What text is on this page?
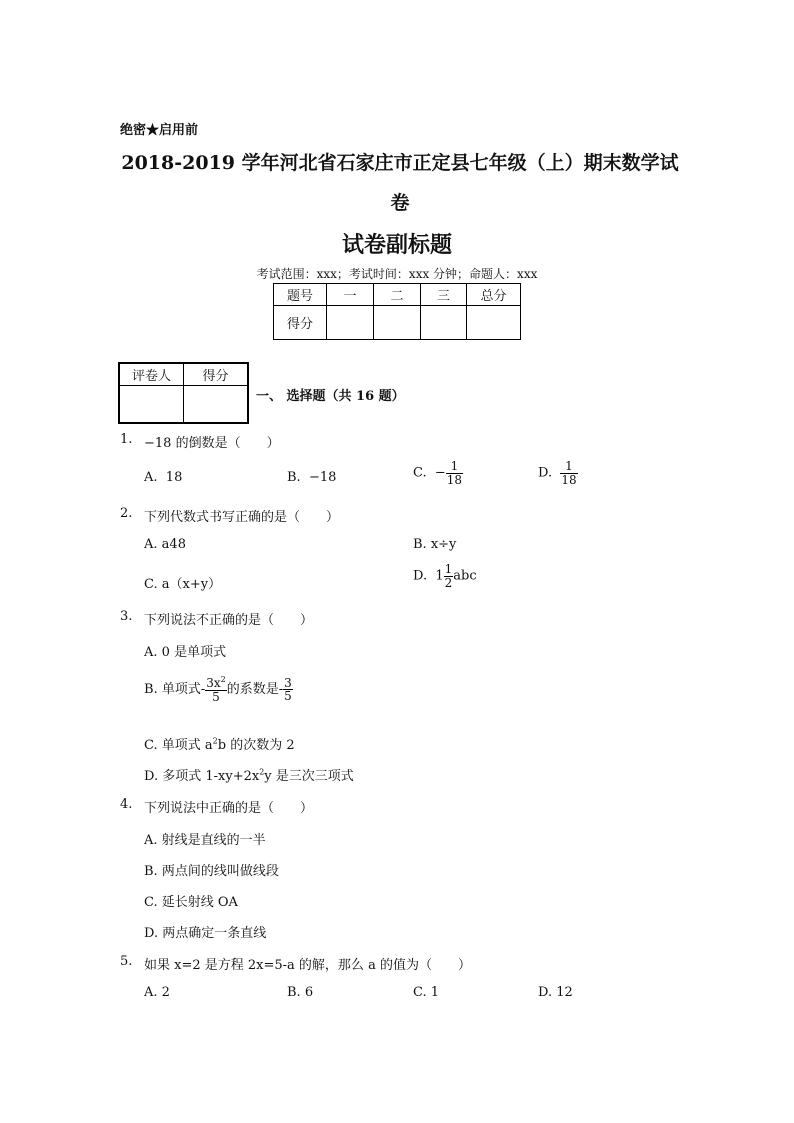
绝密★启用前
2018-2019 学年河北省石家庄市正定县七年级（上）期末数学试
卷
试卷副标题
考试范围：xxx；考试时间：xxx 分钟；命题人：xxx
题号	一	二	三	总分
得分				
评卷人	得分

一、 选择题（共 16 题）
1. −18 的倒数是（　　）
A. 18	B. −18	C. − $\frac{1}{18}$	D. $\frac{1}{18}$
2. 下列代数式书写正确的是（　　）
A. a48	B. x÷y
C. a（x+y）
D. $1 \frac{1}{2}$ abc
3. 下列说法不正确的是（　　）
A. 0 是单项式
B. 单项式- $\frac{3x^2}{5}$ 的系数是- $\frac{3}{5}$
C. 单项式 $a^2b$ 的次数为 2
D. 多项式 $1-xy+2x^2y$ 是三次三项式
4. 下列说法中正确的是（　　）
A. 射线是直线的一半
B. 两点间的线叫做线段
C. 延长射线 OA
D. 两点确定一条直线
5. 如果 x=2 是方程 2x=5-a 的解，那么 a 的值为（　　）
A. 2	B. 6	C. 1	D. 12
